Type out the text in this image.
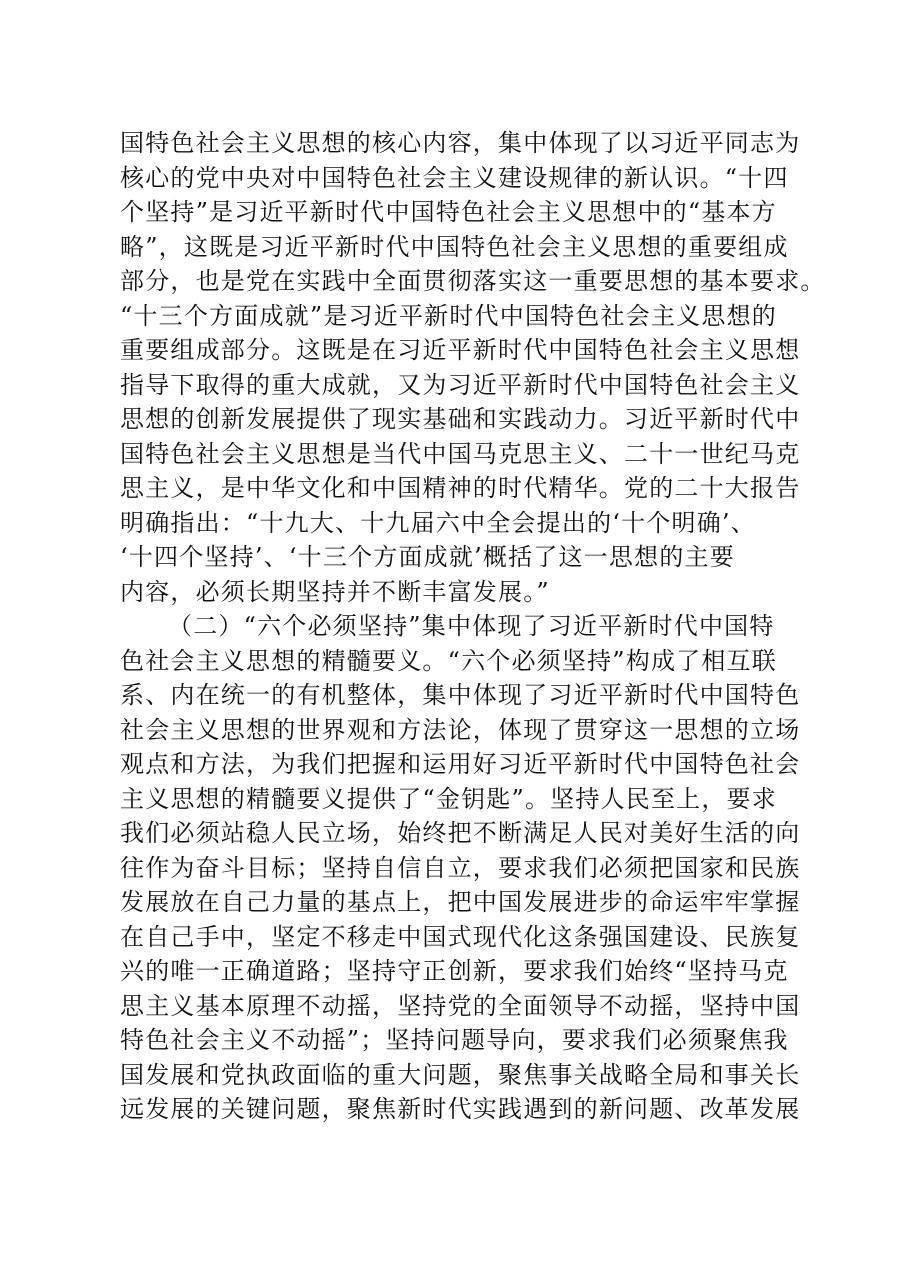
国特色社会主义思想的核心内容，集中体现了以习近平同志为
核心的党中央对中国特色社会主义建设规律的新认识。“十四
个坚持”是习近平新时代中国特色社会主义思想中的“基本方
略”，这既是习近平新时代中国特色社会主义思想的重要组成
部分，也是党在实践中全面贯彻落实这一重要思想的基本要求。
“十三个方面成就”是习近平新时代中国特色社会主义思想的
重要组成部分。这既是在习近平新时代中国特色社会主义思想
指导下取得的重大成就，又为习近平新时代中国特色社会主义
思想的创新发展提供了现实基础和实践动力。习近平新时代中
国特色社会主义思想是当代中国马克思主义、二十一世纪马克
思主义，是中华文化和中国精神的时代精华。党的二十大报告
明确指出：“十九大、十九届六中全会提出的‘十个明确’、
‘十四个坚持’、‘十三个方面成就’概括了这一思想的主要
内容，必须长期坚持并不断丰富发展。”
（二）“六个必须坚持”集中体现了习近平新时代中国特
色社会主义思想的精髓要义。“六个必须坚持”构成了相互联
系、内在统一的有机整体，集中体现了习近平新时代中国特色
社会主义思想的世界观和方法论，体现了贯穿这一思想的立场
观点和方法，为我们把握和运用好习近平新时代中国特色社会
主义思想的精髓要义提供了“金钥匙”。坚持人民至上，要求
我们必须站稳人民立场，始终把不断满足人民对美好生活的向
往作为奋斗目标；坚持自信自立，要求我们必须把国家和民族
发展放在自己力量的基点上，把中国发展进步的命运牢牢掌握
在自己手中，坚定不移走中国式现代化这条强国建设、民族复
兴的唯一正确道路；坚持守正创新，要求我们始终“坚持马克
思主义基本原理不动摇，坚持党的全面领导不动摇，坚持中国
特色社会主义不动摇”；坚持问题导向，要求我们必须聚焦我
国发展和党执政面临的重大问题，聚焦事关战略全局和事关长
远发展的关键问题，聚焦新时代实践遇到的新问题、改革发展
